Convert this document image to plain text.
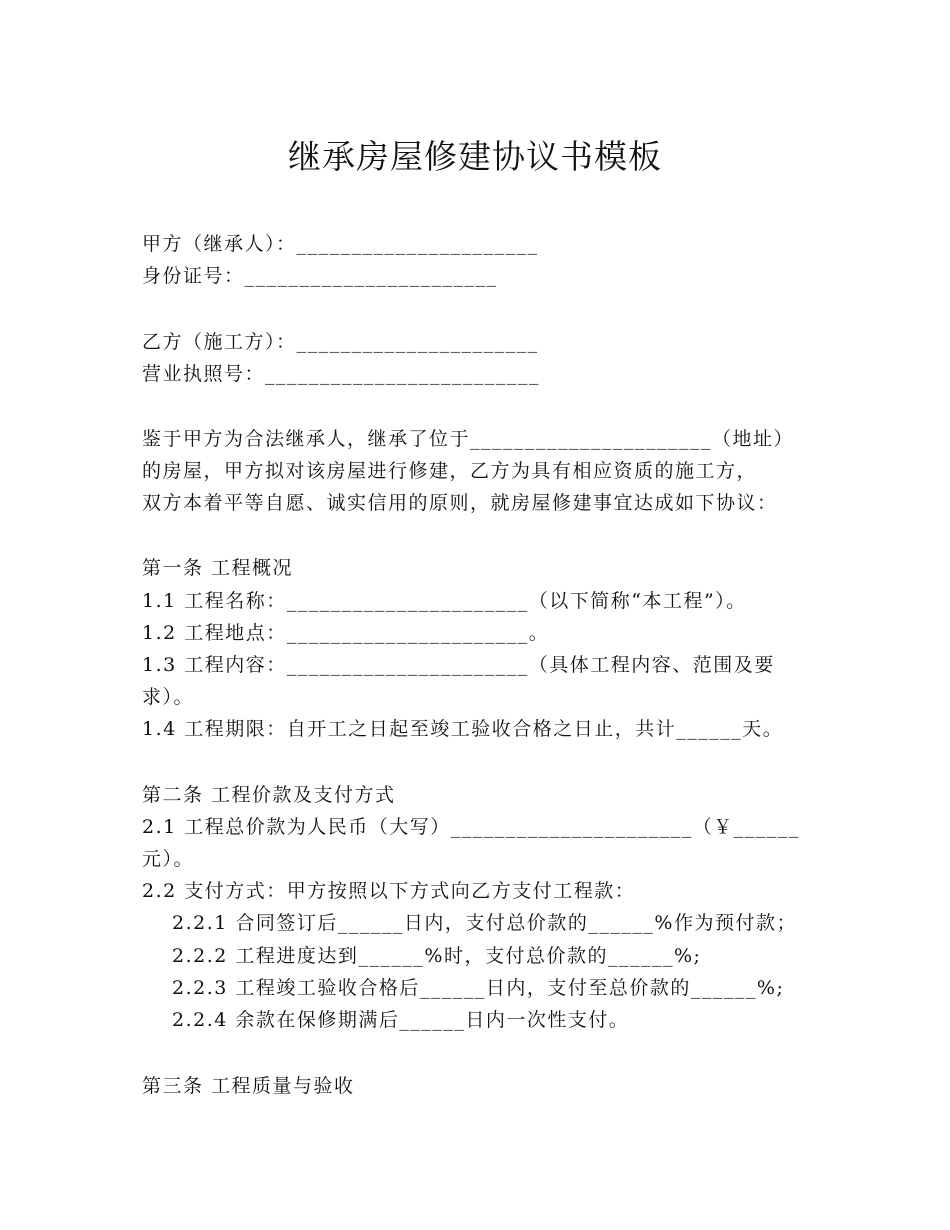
继承房屋修建协议书模板
甲方（继承人）：______________________
身份证号：_______________________
乙方（施工方）：______________________
营业执照号：_________________________
鉴于甲方为合法继承人，继承了位于______________________（地址）
的房屋，甲方拟对该房屋进行修建，乙方为具有相应资质的施工方，
双方本着平等自愿、诚实信用的原则，就房屋修建事宜达成如下协议：
第一条 工程概况
1.1 工程名称：______________________（以下简称“本工程”）。
1.2 工程地点：______________________。
1.3 工程内容：______________________（具体工程内容、范围及要
求）。
1.4 工程期限：自开工之日起至竣工验收合格之日止，共计______天。
第二条 工程价款及支付方式
2.1 工程总价款为人民币（大写）______________________（￥______
元）。
2.2 支付方式：甲方按照以下方式向乙方支付工程款：
2.2.1 合同签订后______日内，支付总价款的______%作为预付款；
2.2.2 工程进度达到______%时，支付总价款的______%;
2.2.3 工程竣工验收合格后______日内，支付至总价款的______%;
2.2.4 余款在保修期满后______日内一次性支付。
第三条 工程质量与验收
